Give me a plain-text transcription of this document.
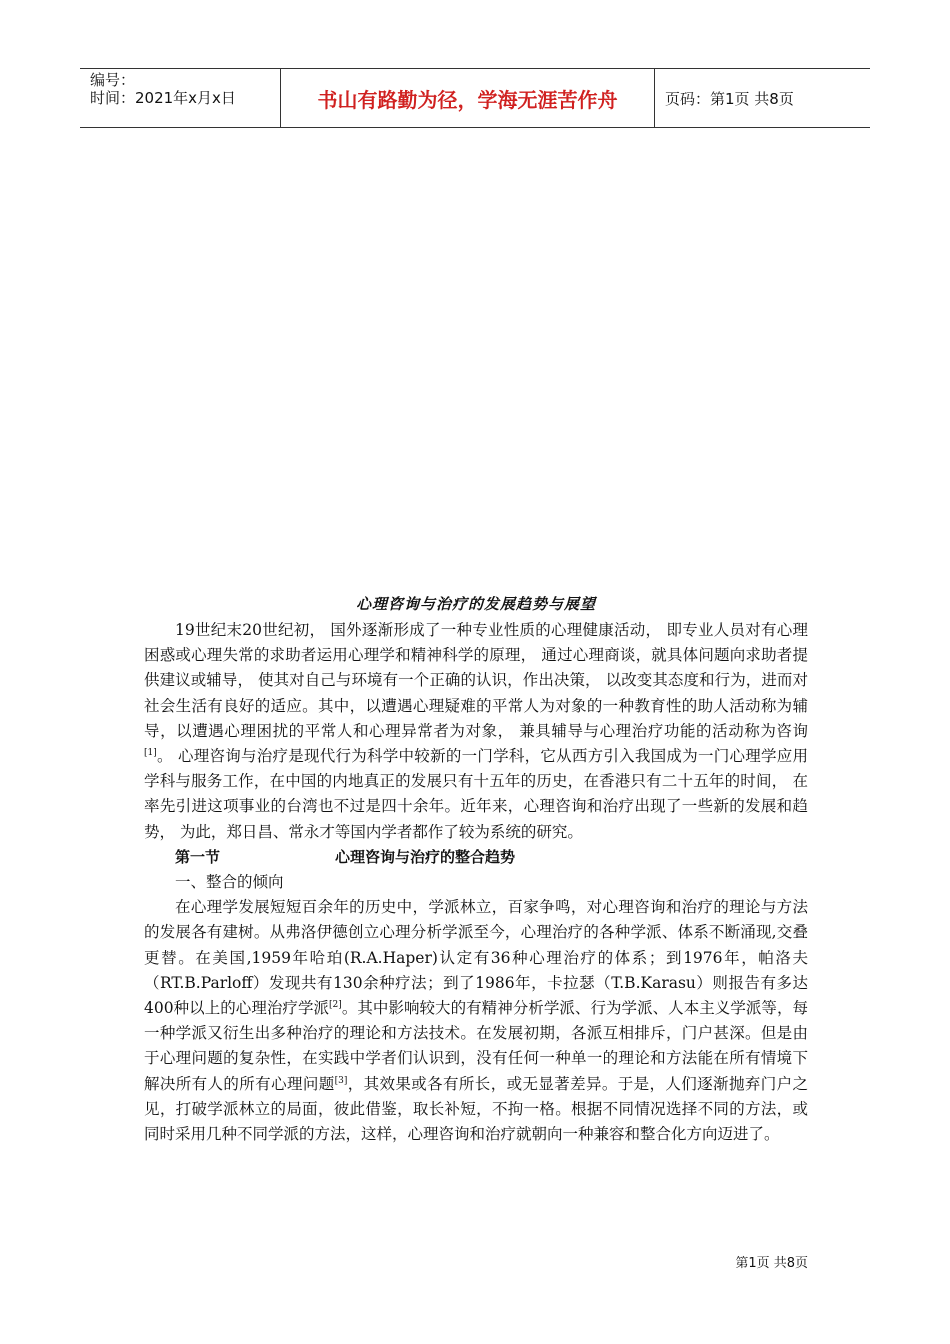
编号：
时间：2021年x月x日	书山有路勤为径，学海无涯苦作舟	页码：第1页 共8页

心理咨询与治疗的发展趋势与展望

19世纪末20世纪初， 国外逐渐形成了一种专业性质的心理健康活动， 即专业人员对有心理困惑或心理失常的求助者运用心理学和精神科学的原理， 通过心理商谈，就具体问题向求助者提供建议或辅导， 使其对自己与环境有一个正确的认识，作出决策， 以改变其态度和行为，进而对社会生活有良好的适应。其中，以遭遇心理疑难的平常人为对象的一种教育性的助人活动称为辅导，以遭遇心理困扰的平常人和心理异常者为对象， 兼具辅导与心理治疗功能的活动称为咨询[1]。 心理咨询与治疗是现代行为科学中较新的一门学科，它从西方引入我国成为一门心理学应用学科与服务工作，在中国的内地真正的发展只有十五年的历史，在香港只有二十五年的时间， 在率先引进这项事业的台湾也不过是四十余年。近年来，心理咨询和治疗出现了一些新的发展和趋势， 为此，郑日昌、常永才等国内学者都作了较为系统的研究。

第一节	心理咨询与治疗的整合趋势

一、整合的倾向

在心理学发展短短百余年的历史中，学派林立，百家争鸣，对心理咨询和治疗的理论与方法的发展各有建树。从弗洛伊德创立心理分析学派至今，心理治疗的各种学派、体系不断涌现,交叠更替。在美国,1959年哈珀(R.A.Haper)认定有36种心理治疗的体系；到1976年，帕洛夫（RT.B.Parloff）发现共有130余种疗法；到了1986年，卡拉瑟（T.B.Karasu）则报告有多达400种以上的心理治疗学派[2]。其中影响较大的有精神分析学派、行为学派、人本主义学派等，每一种学派又衍生出多种治疗的理论和方法技术。在发展初期，各派互相排斥，门户甚深。但是由于心理问题的复杂性，在实践中学者们认识到，没有任何一种单一的理论和方法能在所有情境下解决所有人的所有心理问题[3]，其效果或各有所长，或无显著差异。于是，人们逐渐抛弃门户之见，打破学派林立的局面，彼此借鉴，取长补短，不拘一格。根据不同情况选择不同的方法，或同时采用几种不同学派的方法，这样，心理咨询和治疗就朝向一种兼容和整合化方向迈进了。

第1页 共8页
